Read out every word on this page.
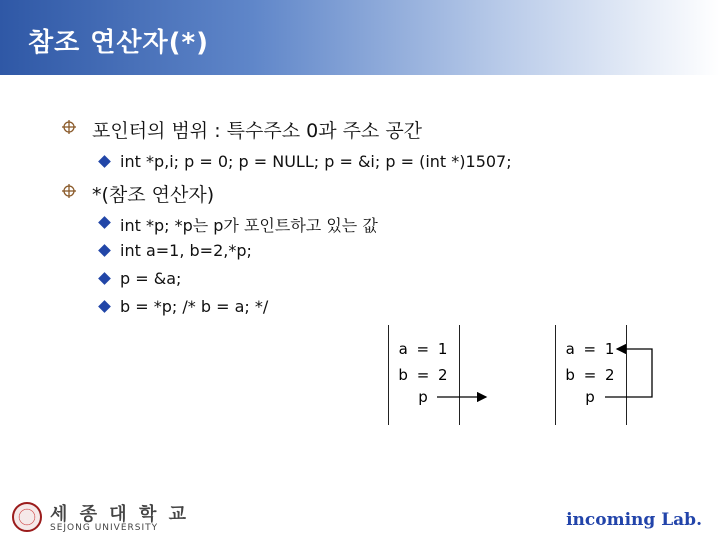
참조 연산자(*)
포인터의 범위 : 특수주소 0과 주소 공간
int *p,i; p = 0; p = NULL; p = &i; p = (int *)1507;
*(참조 연산자)
int *p; *p는 p가 포인트하고 있는 값
int a=1, b=2,*p;
p = &a;
b = *p; /* b = a; */
a = 1
b = 2
p
a = 1
b = 2
p
세 종 대 학 교
SEJONG UNIVERSITY	incoming Lab.
